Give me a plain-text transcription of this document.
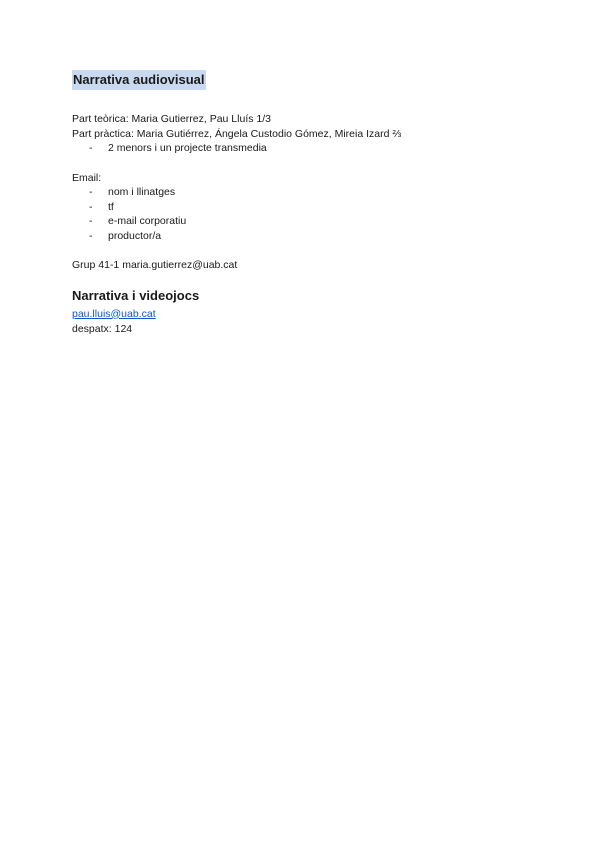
Narrativa audiovisual
Part teòrica: Maria Gutierrez, Pau Lluís 1/3
Part pràctica: Maria Gutiérrez, Ángela Custodio Gómez, Mireia Izard ⅔
-	2 menors i un projecte transmedia
Email:
-	nom i llinatges
-	tf
-	e-mail corporatiu
-	productor/a
Grup 41-1 maria.gutierrez@uab.cat
Narrativa i videojocs
pau.lluis@uab.cat
despatx: 124
